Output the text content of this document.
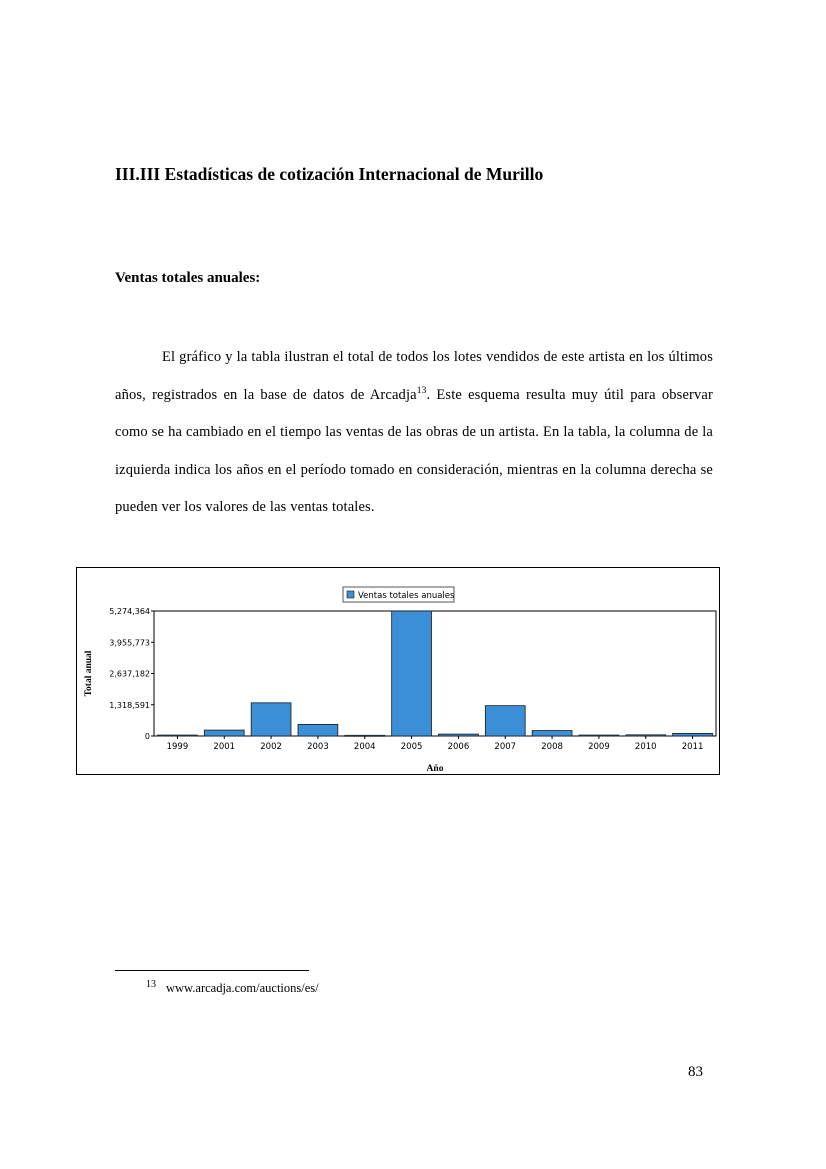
III.III Estadísticas de cotización Internacional de Murillo
Ventas totales anuales:

El gráfico y la tabla ilustran el total de todos los lotes vendidos de este artista en los últimos años, registrados en la base de datos de Arcadja$^{13}$. Este esquema resulta muy útil para observar como se ha cambiado en el tiempo las ventas de las obras de un artista. En la tabla, la columna de la izquierda indica los años en el período tomado en consideración, mientras en la columna derecha se pueden ver los valores de las ventas totales.

0
1,318,591
2,637,182
3,955,773
5,274,364
1999	2001	2002	2003	2004	2005	2006	2007	2008	2009	2010	2011
Año
Total anual
Ventas totales anuales
$^{13}$ www.arcadja.com/auctions/es/
83
